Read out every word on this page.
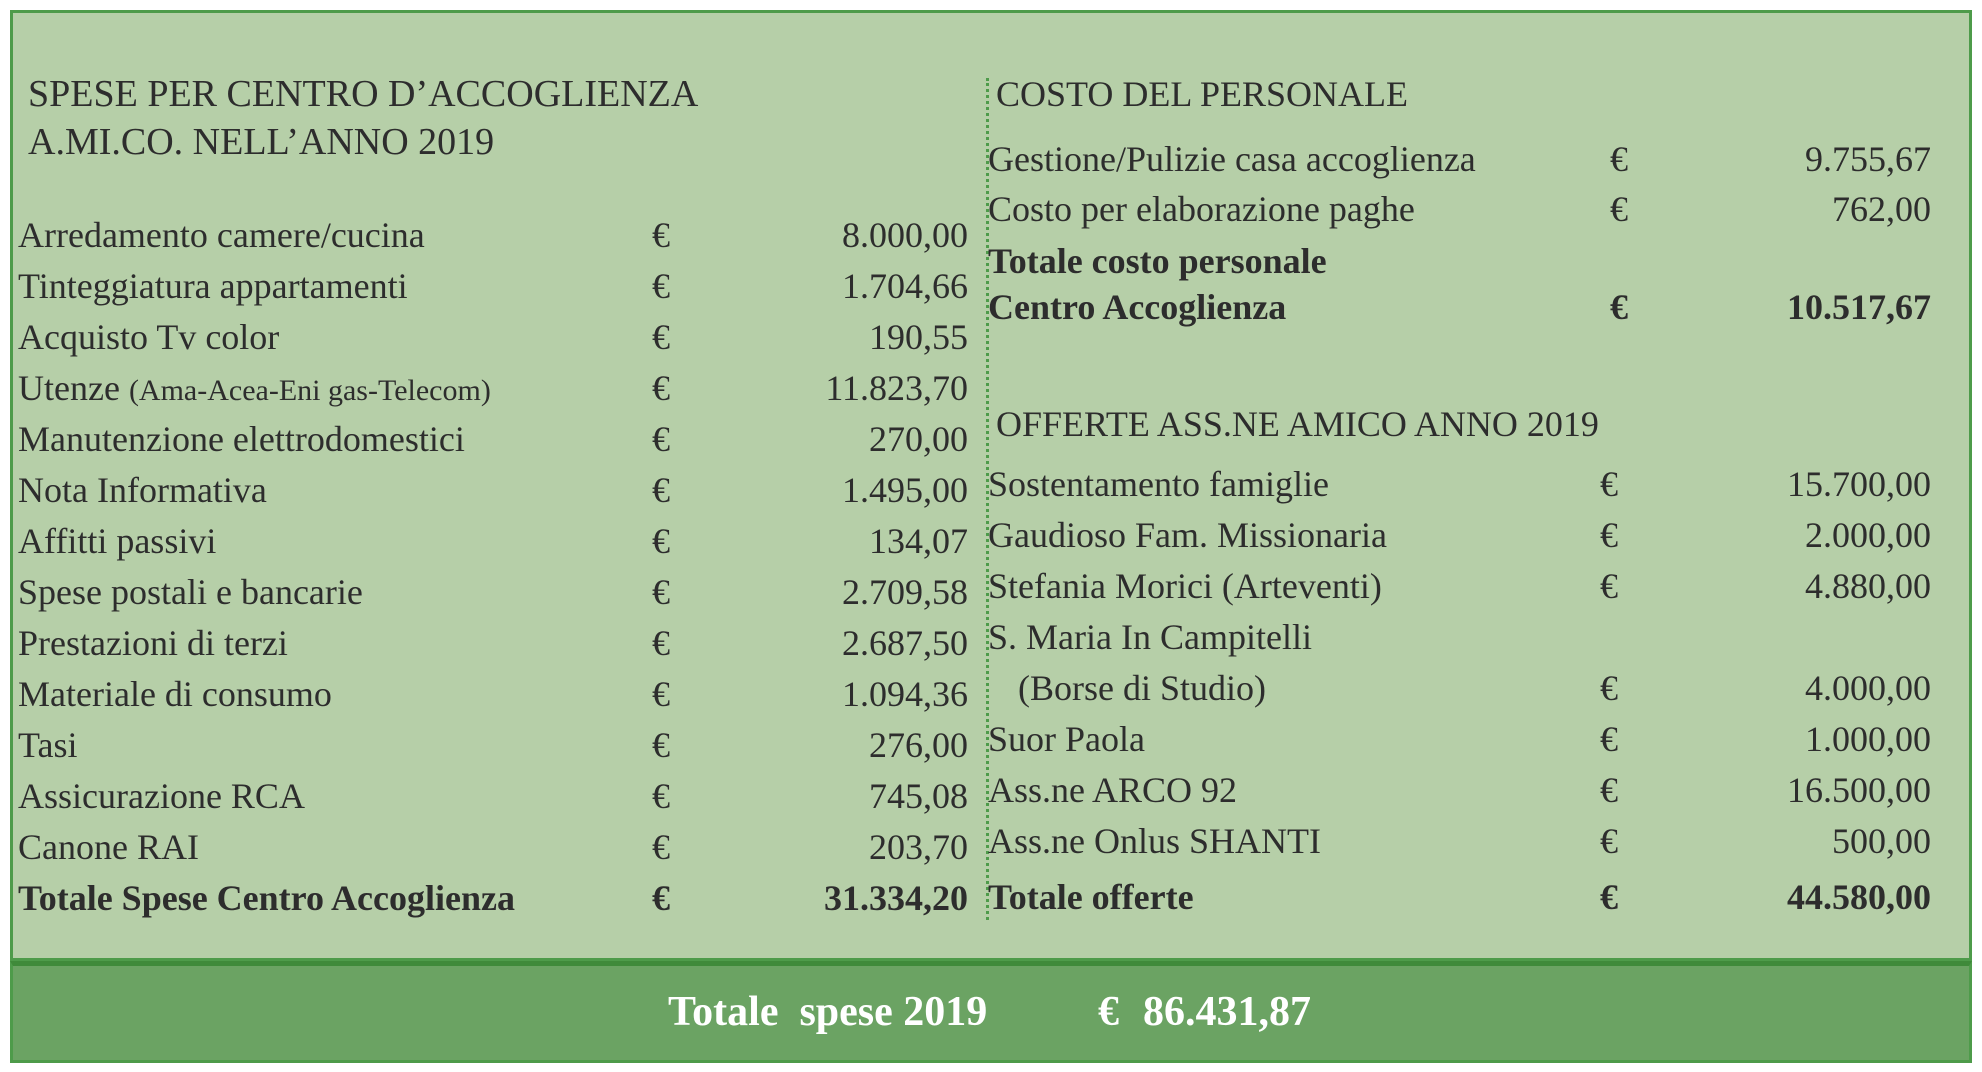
SPESE PER CENTRO D’ACCOGLIENZA
A.MI.CO. NELL’ANNO 2019
Arredamento camere/cucina	€	8.000,00
Tinteggiatura appartamenti	€	1.704,66
Acquisto Tv color	€	190,55
Utenze (Ama-Acea-Eni gas-Telecom)	€	11.823,70
Manutenzione elettrodomestici	€	270,00
Nota Informativa	€	1.495,00
Affitti passivi	€	134,07
Spese postali e bancarie	€	2.709,58
Prestazioni di terzi	€	2.687,50
Materiale di consumo	€	1.094,36
Tasi	€	276,00
Assicurazione RCA	€	745,08
Canone RAI	€	203,70
Totale Spese Centro Accoglienza	€	31.334,20
COSTO DEL PERSONALE
Gestione/Pulizie casa accoglienza	€	9.755,67
Costo per elaborazione paghe	€	762,00
Totale costo personale
Centro Accoglienza	€	10.517,67
OFFERTE ASS.NE AMICO ANNO 2019
Sostentamento famiglie	€	15.700,00
Gaudioso Fam. Missionaria	€	2.000,00
Stefania Morici (Arteventi)	€	4.880,00
S. Maria In Campitelli
(Borse di Studio)	€	4.000,00
Suor Paola	€	1.000,00
Ass.ne ARCO 92	€	16.500,00
Ass.ne Onlus SHANTI	€	500,00
Totale offerte	€	44.580,00
Totale  spese 2019	€ 86.431,87
